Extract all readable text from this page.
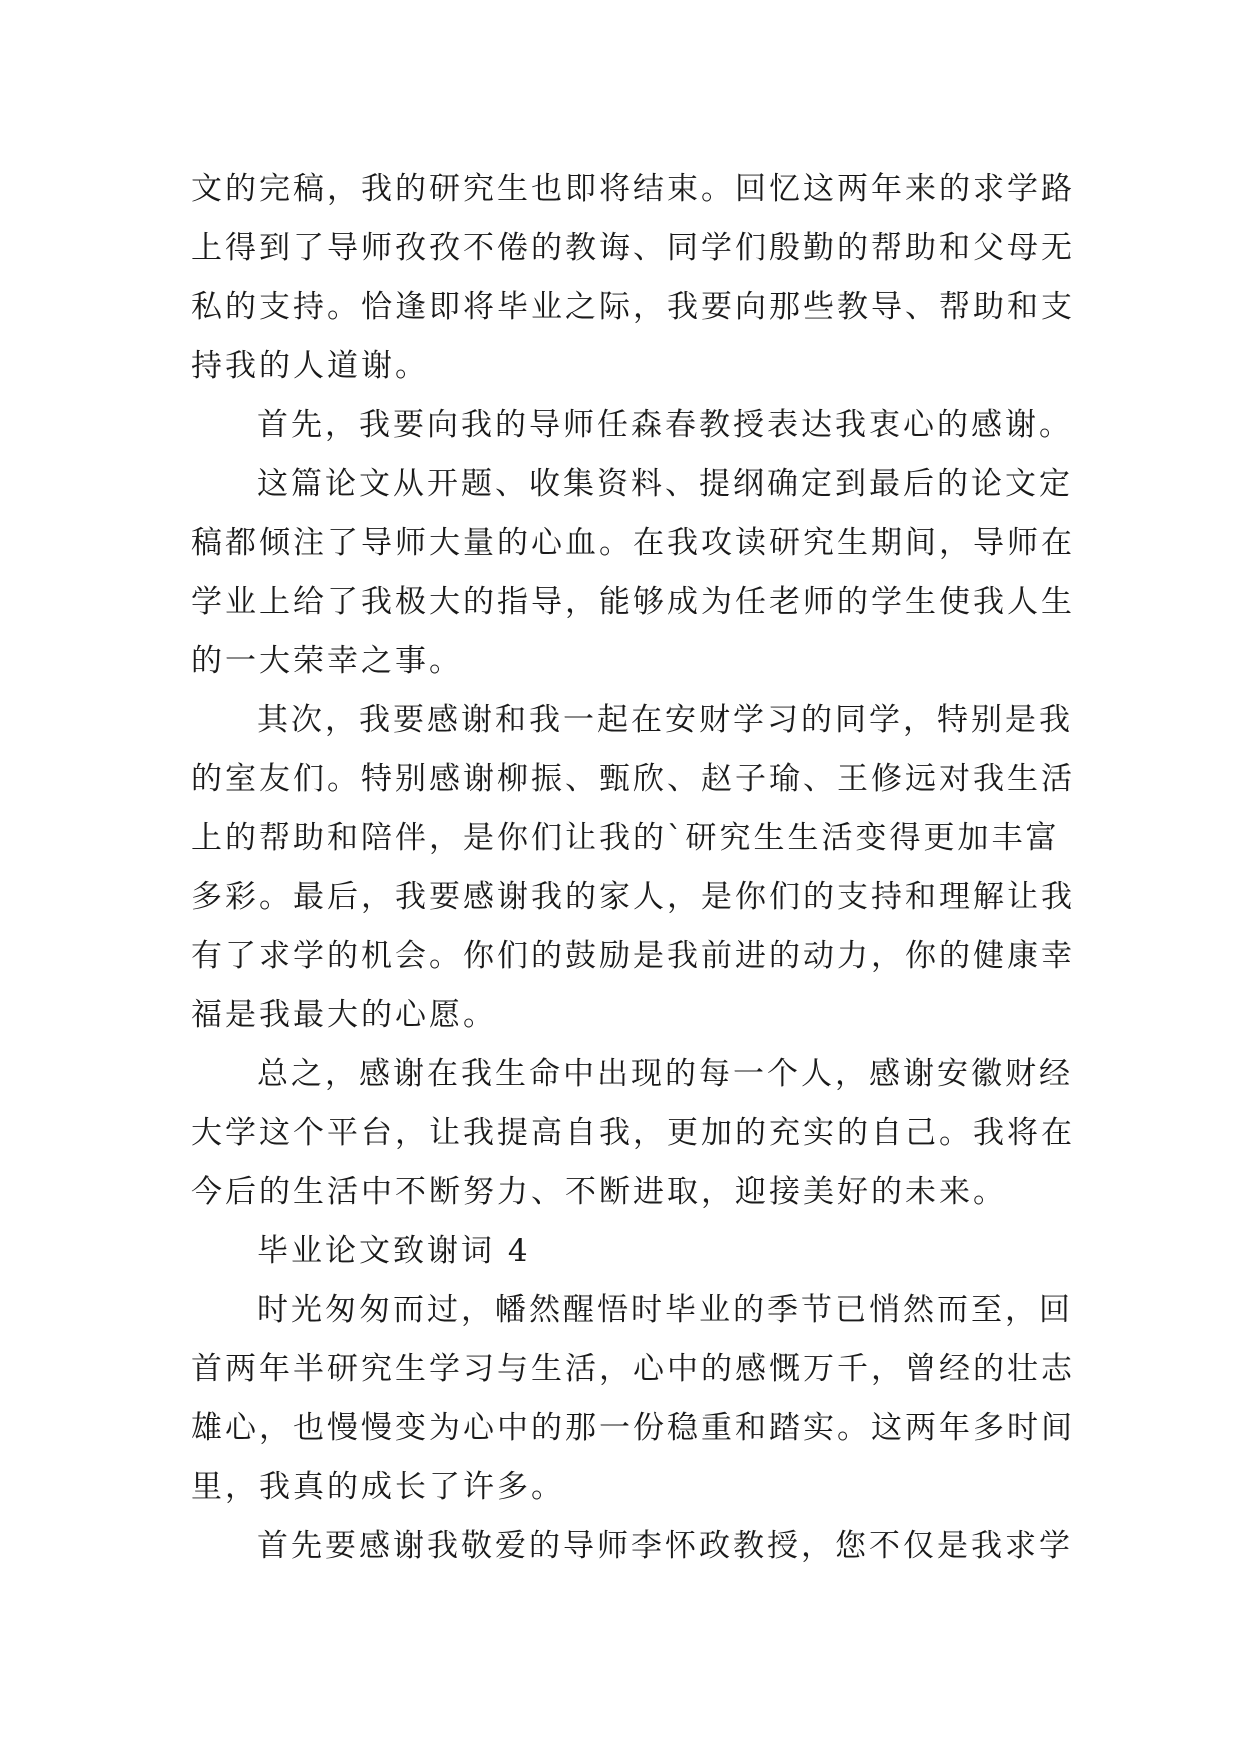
文的完稿，我的研究生也即将结束。回忆这两年来的求学路
上得到了导师孜孜不倦的教诲、同学们殷勤的帮助和父母无
私的支持。恰逢即将毕业之际，我要向那些教导、帮助和支
持我的人道谢。
首先，我要向我的导师任森春教授表达我衷心的感谢。
这篇论文从开题、收集资料、提纲确定到最后的论文定
稿都倾注了导师大量的心血。在我攻读研究生期间，导师在
学业上给了我极大的指导，能够成为任老师的学生使我人生
的一大荣幸之事。
其次，我要感谢和我一起在安财学习的同学，特别是我
的室友们。特别感谢柳振、甄欣、赵子瑜、王修远对我生活
上的帮助和陪伴，是你们让我的`研究生生活变得更加丰富
多彩。最后，我要感谢我的家人，是你们的支持和理解让我
有了求学的机会。你们的鼓励是我前进的动力，你的健康幸
福是我最大的心愿。
总之，感谢在我生命中出现的每一个人，感谢安徽财经
大学这个平台，让我提高自我，更加的充实的自己。我将在
今后的生活中不断努力、不断进取，迎接美好的未来。
毕业论文致谢词 4
时光匆匆而过，幡然醒悟时毕业的季节已悄然而至，回
首两年半研究生学习与生活，心中的感慨万千，曾经的壮志
雄心，也慢慢变为心中的那一份稳重和踏实。这两年多时间
里，我真的成长了许多。
首先要感谢我敬爱的导师李怀政教授，您不仅是我求学
